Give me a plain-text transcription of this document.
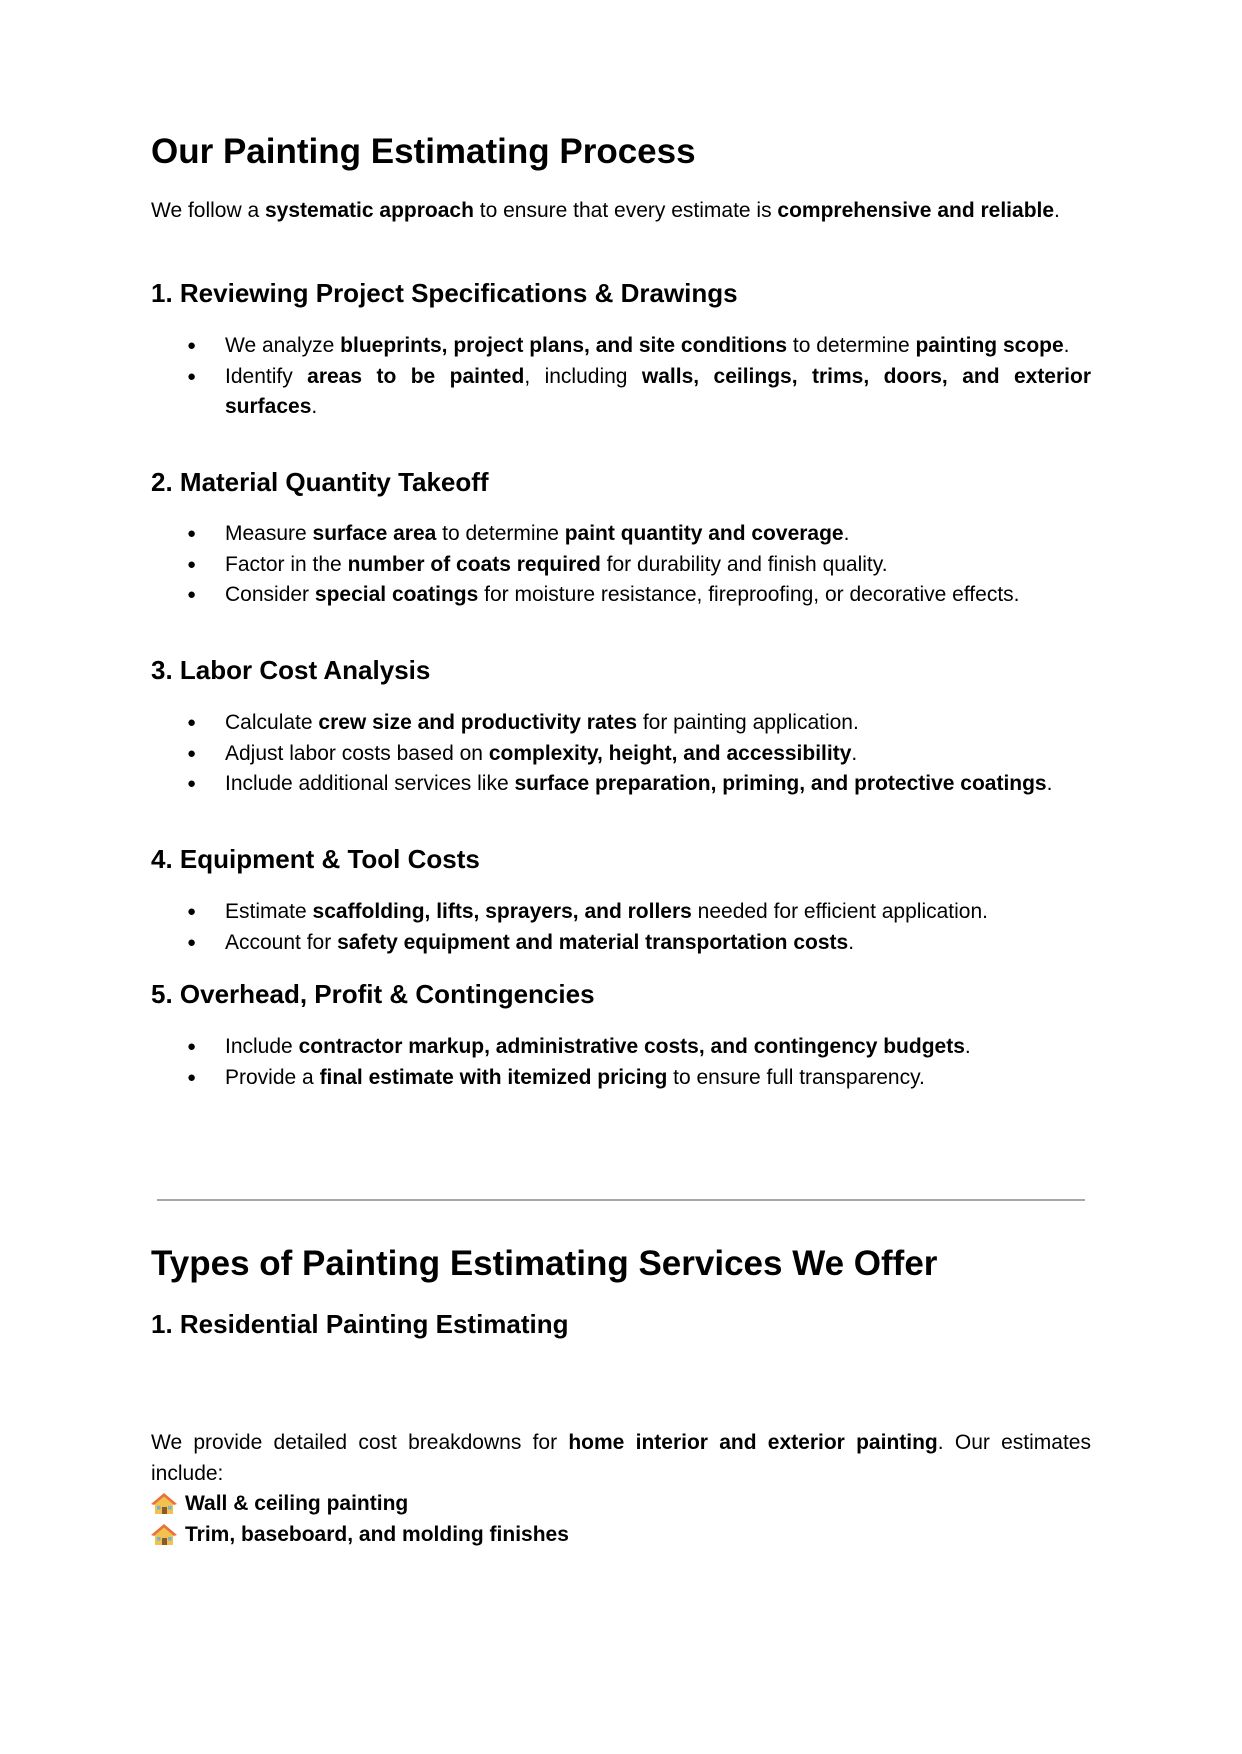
Our Painting Estimating Process

We follow a systematic approach to ensure that every estimate is comprehensive and reliable.

1. Reviewing Project Specifications & Drawings
● We analyze blueprints, project plans, and site conditions to determine painting scope.
● Identify areas to be painted, including walls, ceilings, trims, doors, and exterior surfaces.
2. Material Quantity Takeoff
● Measure surface area to determine paint quantity and coverage.
● Factor in the number of coats required for durability and finish quality.
● Consider special coatings for moisture resistance, fireproofing, or decorative effects.
3. Labor Cost Analysis
● Calculate crew size and productivity rates for painting application.
● Adjust labor costs based on complexity, height, and accessibility.
● Include additional services like surface preparation, priming, and protective coatings.
4. Equipment & Tool Costs
● Estimate scaffolding, lifts, sprayers, and rollers needed for efficient application.
● Account for safety equipment and material transportation costs.
5. Overhead, Profit & Contingencies
● Include contractor markup, administrative costs, and contingency budgets.
● Provide a final estimate with itemized pricing to ensure full transparency.
Types of Painting Estimating Services We Offer
1. Residential Painting Estimating

We provide detailed cost breakdowns for home interior and exterior painting. Our estimates include:

Wall & ceiling painting
Trim, baseboard, and molding finishes
